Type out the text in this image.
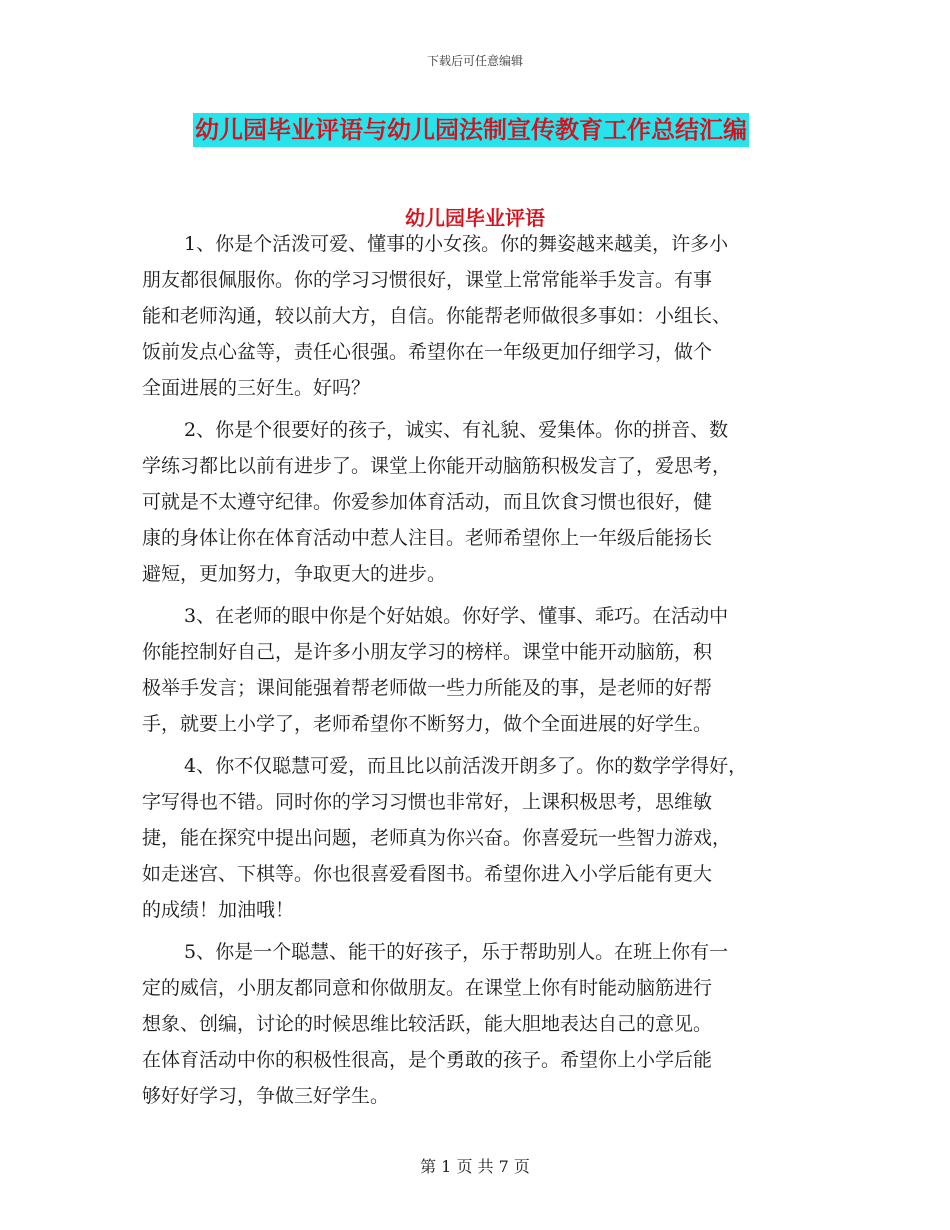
下载后可任意编辑
幼儿园毕业评语与幼儿园法制宣传教育工作总结汇编
幼儿园毕业评语
1、你是个活泼可爱、懂事的小女孩。你的舞姿越来越美，许多小
朋友都很佩服你。你的学习习惯很好，课堂上常常能举手发言。有事
能和老师沟通，较以前大方，自信。你能帮老师做很多事如：小组长、
饭前发点心盆等，责任心很强。希望你在一年级更加仔细学习，做个
全面进展的三好生。好吗？
2、你是个很要好的孩子，诚实、有礼貌、爱集体。你的拼音、数
学练习都比以前有进步了。课堂上你能开动脑筋积极发言了，爱思考，
可就是不太遵守纪律。你爱参加体育活动，而且饮食习惯也很好，健
康的身体让你在体育活动中惹人注目。老师希望你上一年级后能扬长
避短，更加努力，争取更大的进步。
3、在老师的眼中你是个好姑娘。你好学、懂事、乖巧。在活动中
你能控制好自己，是许多小朋友学习的榜样。课堂中能开动脑筋，积
极举手发言；课间能强着帮老师做一些力所能及的事，是老师的好帮
手，就要上小学了，老师希望你不断努力，做个全面进展的好学生。
4、你不仅聪慧可爱，而且比以前活泼开朗多了。你的数学学得好，
字写得也不错。同时你的学习习惯也非常好，上课积极思考，思维敏
捷，能在探究中提出问题，老师真为你兴奋。你喜爱玩一些智力游戏，
如走迷宫、下棋等。你也很喜爱看图书。希望你进入小学后能有更大
的成绩！加油哦！
5、你是一个聪慧、能干的好孩子，乐于帮助别人。在班上你有一
定的威信，小朋友都同意和你做朋友。在课堂上你有时能动脑筋进行
想象、创编，讨论的时候思维比较活跃，能大胆地表达自己的意见。
在体育活动中你的积极性很高，是个勇敢的孩子。希望你上小学后能
够好好学习，争做三好学生。
第 1 页 共 7 页
